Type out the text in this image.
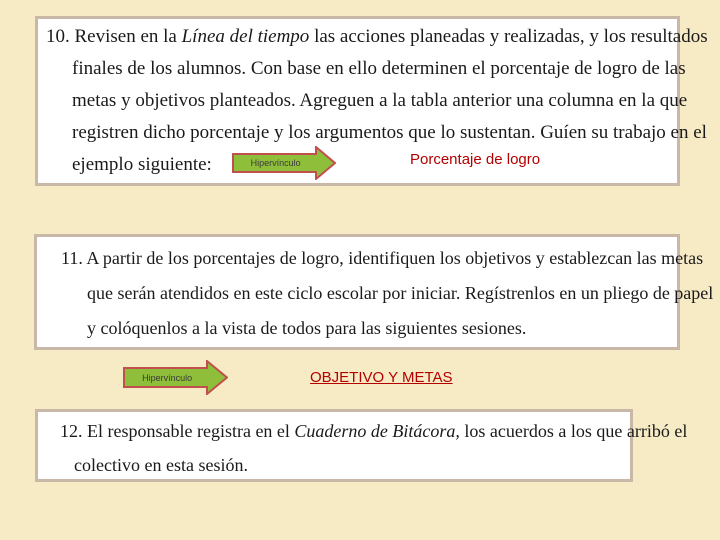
10. Revisen en la Línea del tiempo las acciones planeadas y realizadas, y los resultados
finales de los alumnos. Con base en ello determinen el porcentaje de logro de las
metas y objetivos planteados. Agreguen a la tabla anterior una columna en la que
registren dicho porcentaje y los argumentos que lo sustentan. Guíen su trabajo en el
ejemplo siguiente:	Hipervínculo	Porcentaje de logro
11. A partir de los porcentajes de logro, identifiquen los objetivos y establezcan las metas
que serán atendidos en este ciclo escolar por iniciar. Regístrenlos en un pliego de papel
y colóquenlos a la vista de todos para las siguientes sesiones.
Hipervínculo	OBJETIVO Y METAS
12. El responsable registra en el Cuaderno de Bitácora, los acuerdos a los que arribó el
colectivo en esta sesión.
